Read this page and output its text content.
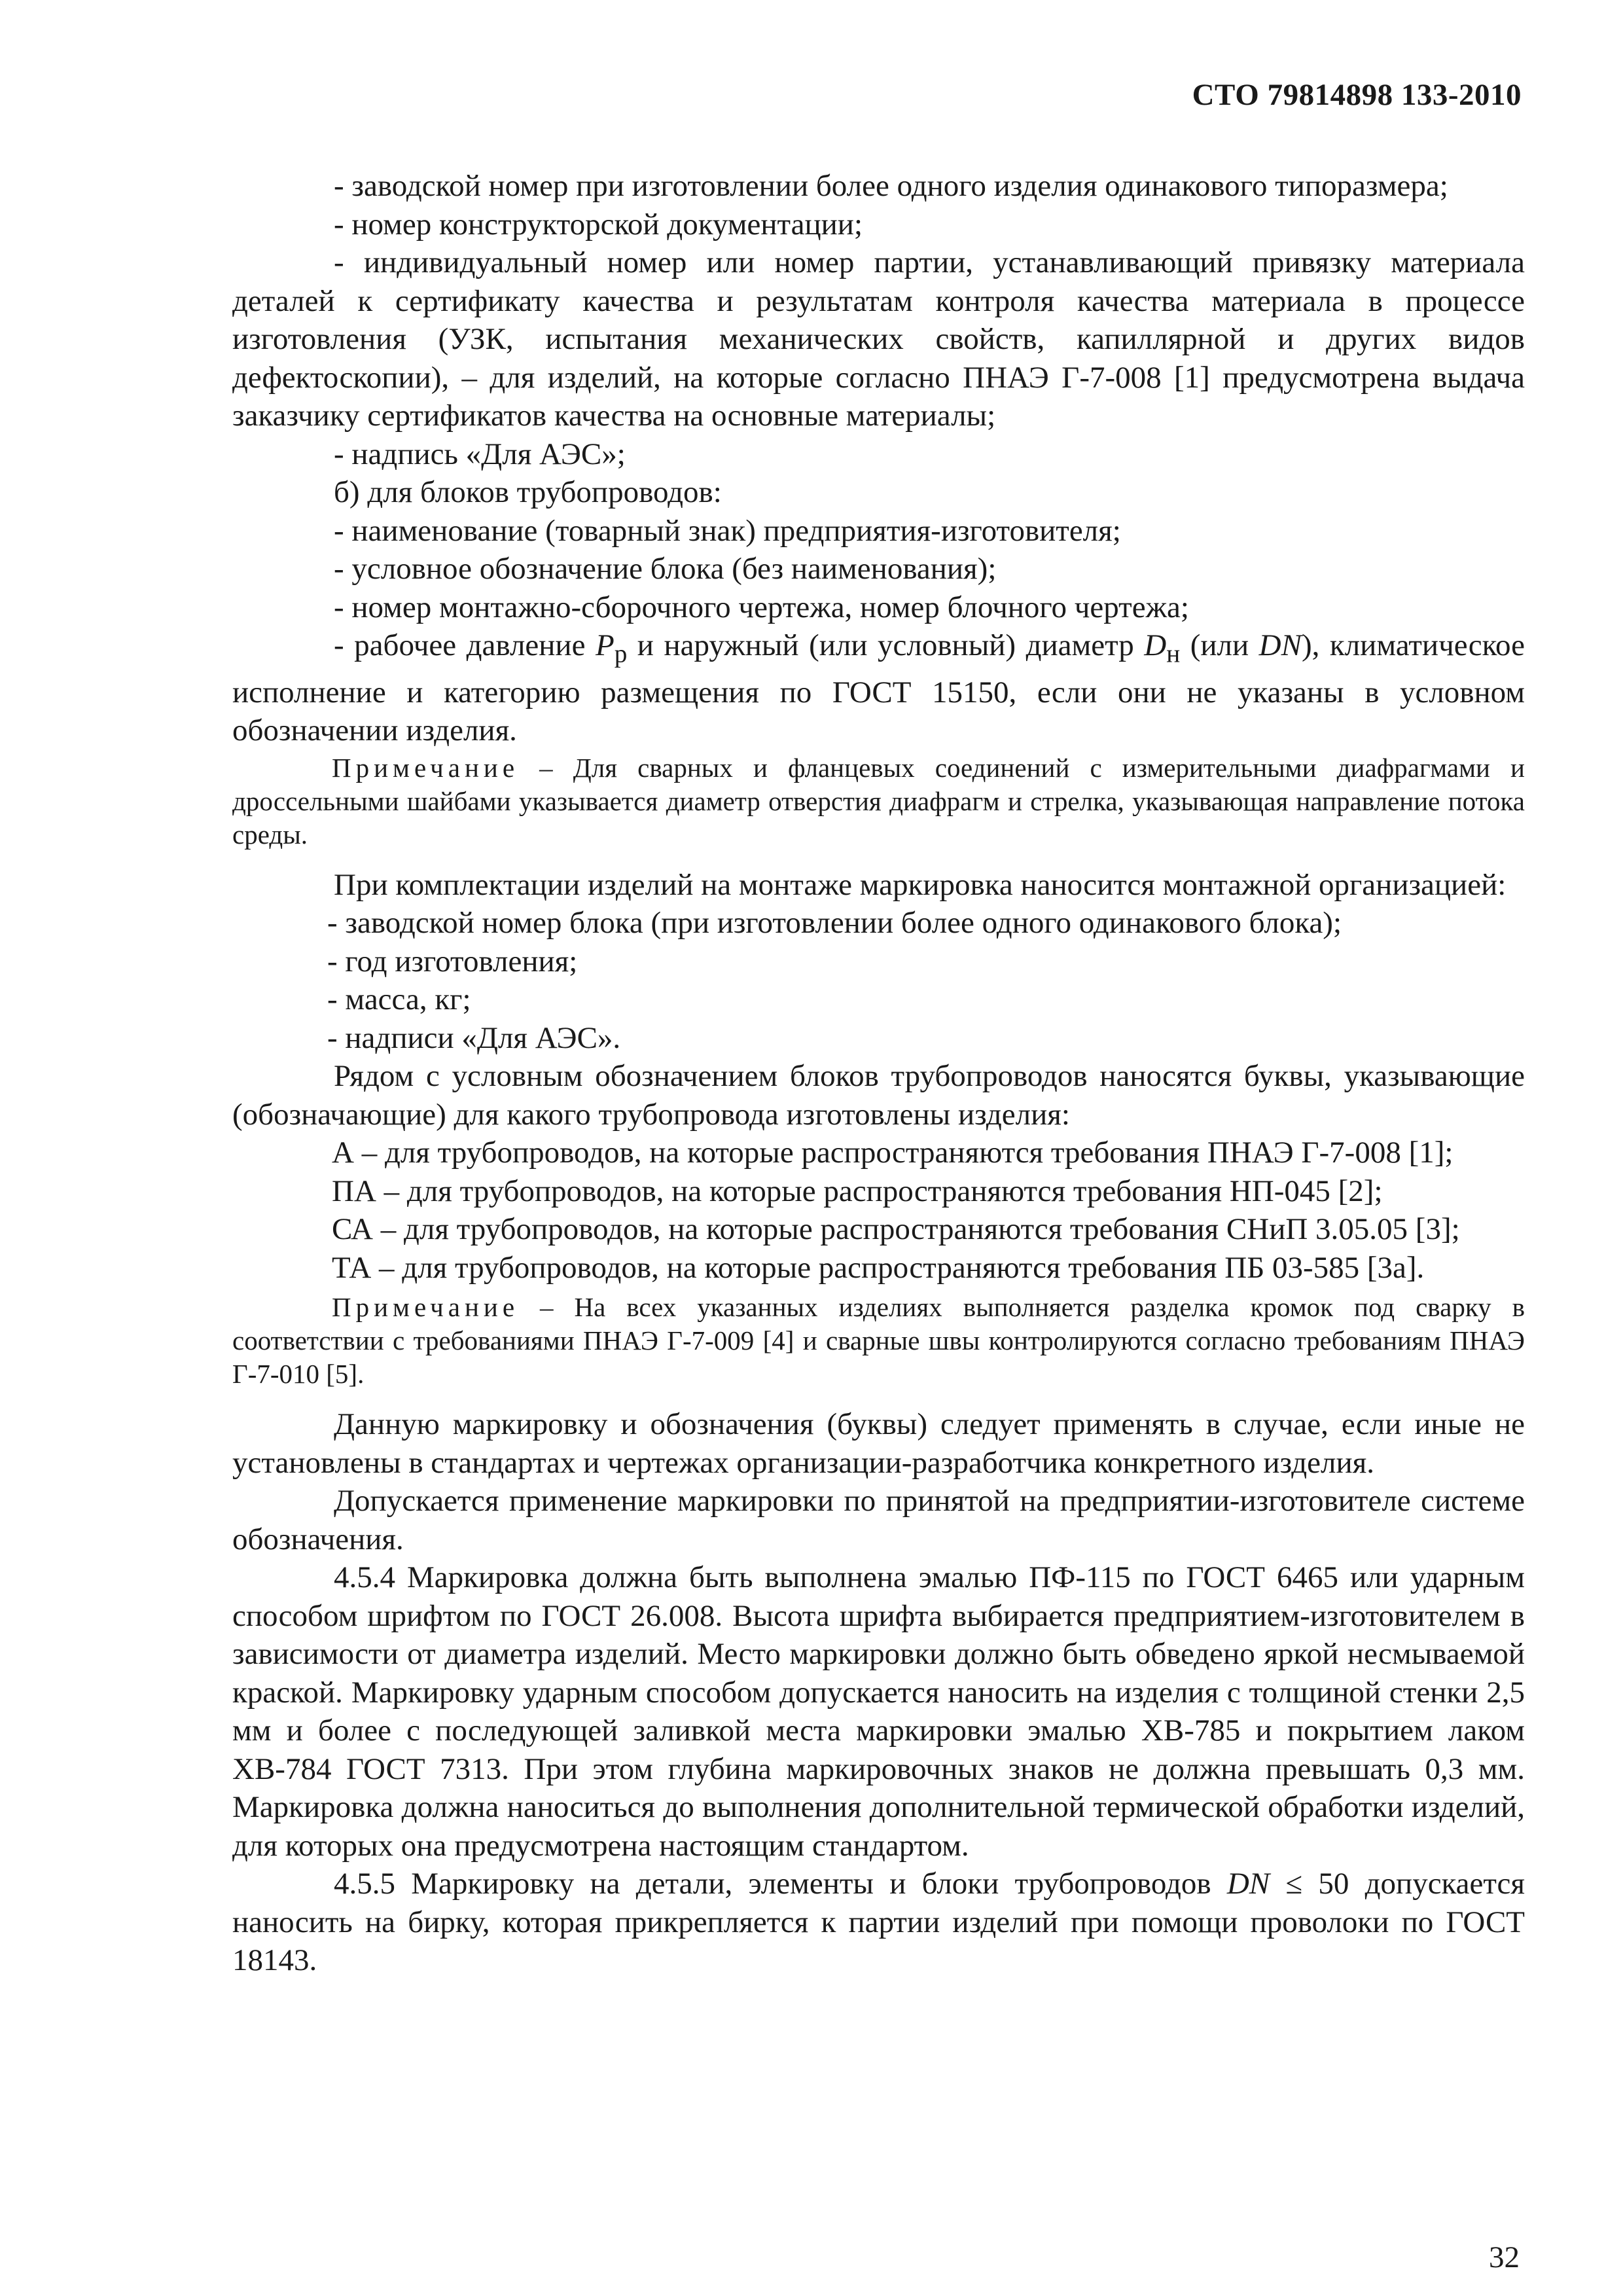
СТО 79814898 133-2010

- заводской номер при изготовлении более одного изделия одинакового типоразмера;

- номер конструкторской документации;

- индивидуальный номер или номер партии, устанавливающий привязку материала деталей к сертификату качества и результатам контроля качества материала в процессе изготовления (УЗК, испытания механических свойств, капиллярной и других видов дефектоскопии), – для изделий, на которые согласно ПНАЭ Г-7-008 [1] предусмотрена выдача заказчику сертификатов качества на основные материалы;

- надпись «Для АЭС»;

б) для блоков трубопроводов:

- наименование (товарный знак) предприятия-изготовителя;

- условное обозначение блока (без наименования);

- номер монтажно-сборочного чертежа, номер блочного чертежа;

- рабочее давление $P_р$ и наружный (или условный) диаметр $D_н$ (или DN), климатическое исполнение и категорию размещения по ГОСТ 15150, если они не указаны в условном обозначении изделия.

Примечание – Для сварных и фланцевых соединений с измерительными диафрагмами и дроссельными шайбами указывается диаметр отверстия диафрагм и стрелка, указывающая направление потока среды.

При комплектации изделий на монтаже маркировка наносится монтажной организацией:

- заводской номер блока (при изготовлении более одного одинакового блока);

- год изготовления;

- масса, кг;

- надписи «Для АЭС».

Рядом с условным обозначением блоков трубопроводов наносятся буквы, указывающие (обозначающие) для какого трубопровода изготовлены изделия:

А – для трубопроводов, на которые распространяются требования ПНАЭ Г-7-008 [1];

ПА – для трубопроводов, на которые распространяются требования НП-045 [2];

СА – для трубопроводов, на которые распространяются требования СНиП 3.05.05 [3];

ТА – для трубопроводов, на которые распространяются требования ПБ 03-585 [3а].

Примечание – На всех указанных изделиях выполняется разделка кромок под сварку в соответствии с требованиями ПНАЭ Г-7-009 [4] и сварные швы контролируются согласно требованиям ПНАЭ Г-7-010 [5].

Данную маркировку и обозначения (буквы) следует применять в случае, если иные не установлены в стандартах и чертежах организации-разработчика конкретного изделия.

Допускается применение маркировки по принятой на предприятии-изготовителе системе обозначения.

4.5.4 Маркировка должна быть выполнена эмалью ПФ-115 по ГОСТ 6465 или ударным способом шрифтом по ГОСТ 26.008. Высота шрифта выбирается предприятием-изготовителем в зависимости от диаметра изделий. Место маркировки должно быть обведено яркой несмываемой краской. Маркировку ударным способом допускается наносить на изделия с толщиной стенки 2,5 мм и более с последующей заливкой места маркировки эмалью ХВ-785 и покрытием лаком ХВ-784 ГОСТ 7313. При этом глубина маркировочных знаков не должна превышать 0,3 мм. Маркировка должна наноситься до выполнения дополнительной термической обработки изделий, для которых она предусмотрена настоящим стандартом.

4.5.5 Маркировку на детали, элементы и блоки трубопроводов DN ≤ 50 допускается наносить на бирку, которая прикрепляется к партии изделий при помощи проволоки по ГОСТ 18143.

32
